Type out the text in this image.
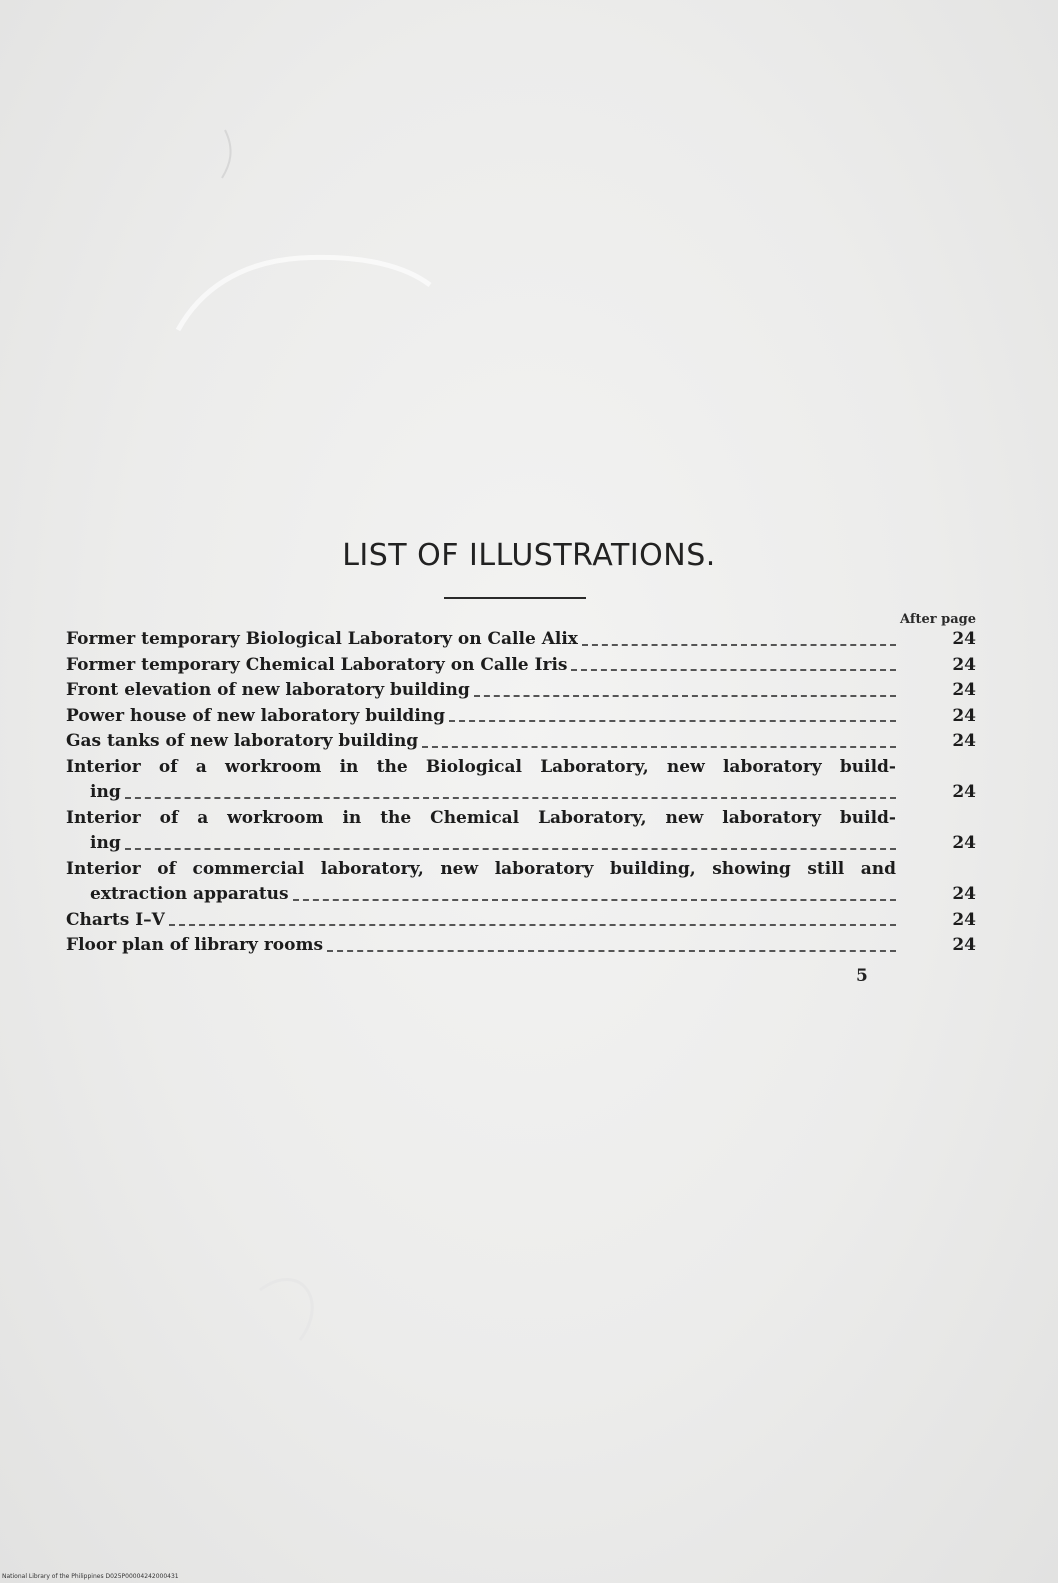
LIST OF ILLUSTRATIONS.
After page
Former temporary Biological Laboratory on Calle Alix	24
Former temporary Chemical Laboratory on Calle Iris	24
Front elevation of new laboratory building	24
Power house of new laboratory building	24
Gas tanks of new laboratory building	24
Interior of a workroom in the Biological Laboratory, new laboratory build-
ing	24
Interior of a workroom in the Chemical Laboratory, new laboratory build-
ing	24
Interior of commercial laboratory, new laboratory building, showing still and
extraction apparatus	24
Charts I–V	24
Floor plan of library rooms	24
5
National Library of the Philippines D025P00004242000431
